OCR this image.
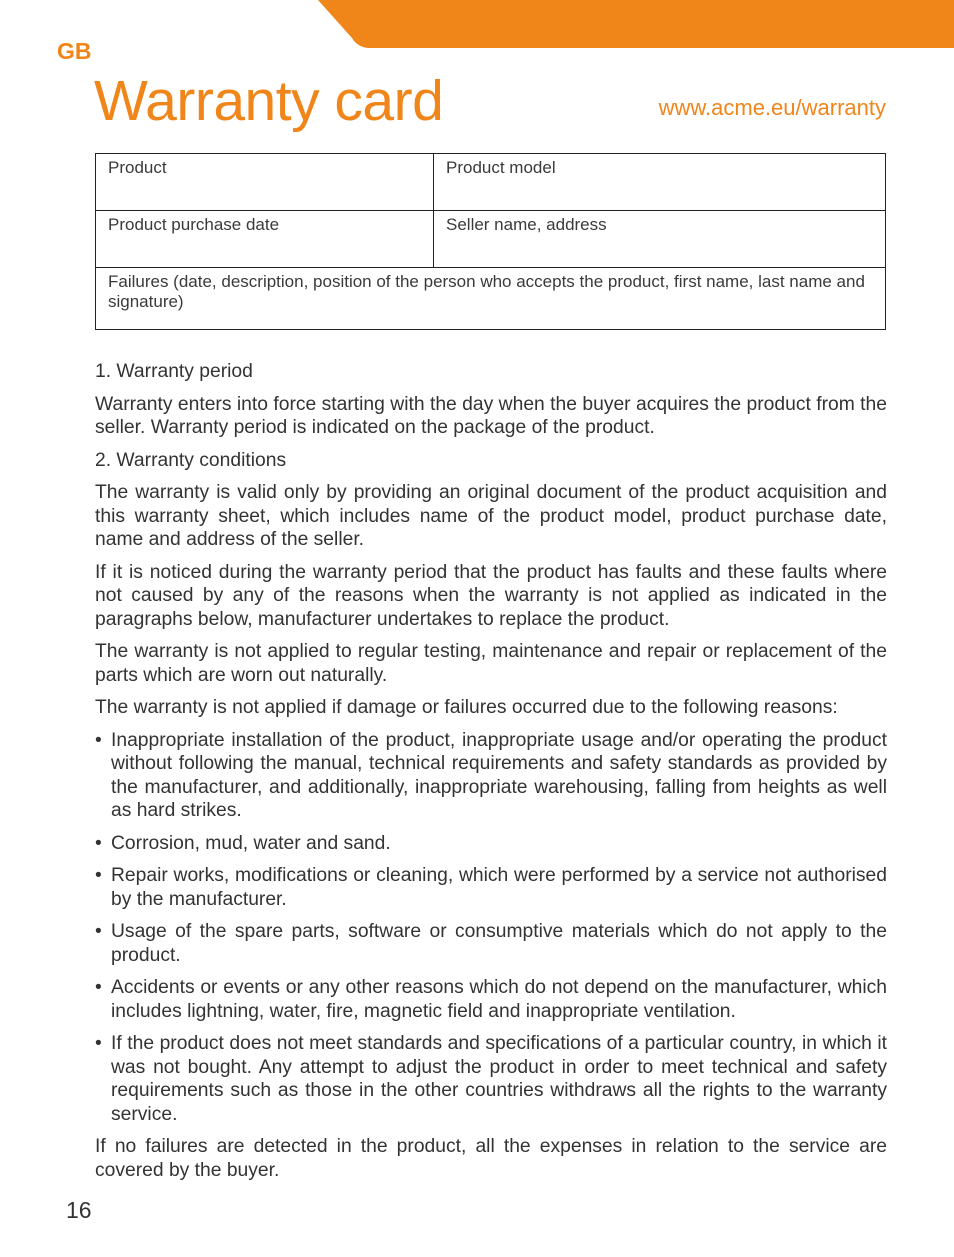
GB
Warranty card	www.acme.eu/warranty
Product	Product model
Product purchase date	Seller name, address
Failures (date, description, position of the person who accepts the product, first name, last name and signature)	

1. Warranty period

Warranty enters into force starting with the day when the buyer acquires the product from the seller. Warranty period is indicated on the package of the product.

2. Warranty conditions

The warranty is valid only by providing an original document of the product acquisition and this warranty sheet, which includes name of the product model, product purchase date, name and address of the seller.

If it is noticed during the warranty period that the product has faults and these faults where not caused by any of the reasons when the warranty is not applied as indicated in the paragraphs below, manufacturer undertakes to replace the product.

The warranty is not applied to regular testing, maintenance and repair or replacement of the parts which are worn out naturally.

The warranty is not applied if damage or failures occurred due to the following reasons:

• Inappropriate installation of the product, inappropriate usage and/or operating the product without following the manual, technical requirements and safety standards as provided by the manufacturer, and additionally, inappropriate warehousing, falling from heights as well as hard strikes.
• Corrosion, mud, water and sand.
• Repair works, modifications or cleaning, which were performed by a service not authorised by the manufacturer.
• Usage of the spare parts, software or consumptive materials which do not apply to the product.
• Accidents or events or any other reasons which do not depend on the manufacturer, which includes lightning, water, fire, magnetic field and inappropriate ventilation.
• If the product does not meet standards and specifications of a particular country, in which it was not bought. Any attempt to adjust the product in order to meet technical and safety requirements such as those in the other countries withdraws all the rights to the warranty service.

If no failures are detected in the product, all the expenses in relation to the service are covered by the buyer.

16
